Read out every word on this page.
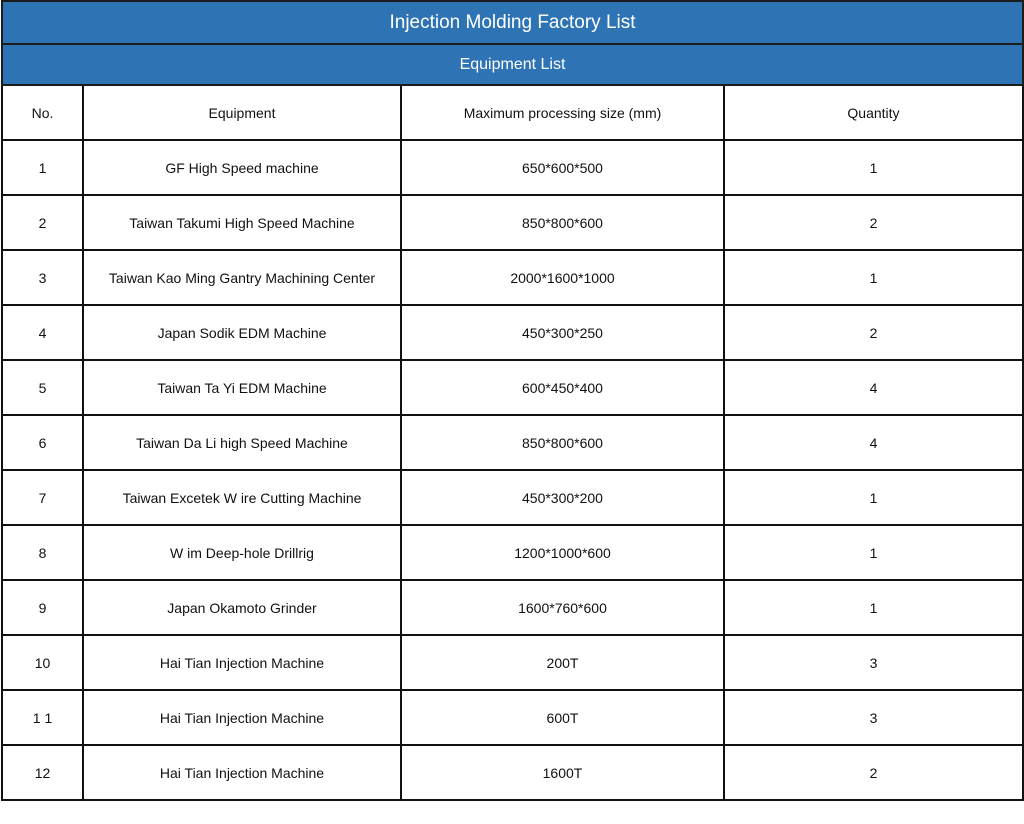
Injection Molding Factory List			
Equipment List			
No.	Equipment	Maximum processing size (mm)	Quantity
1	GF High Speed machine	650*600*500	1
2	Taiwan Takumi High Speed Machine	850*800*600	2
3	Taiwan Kao Ming Gantry Machining Center	2000*1600*1000	1
4	Japan Sodik EDM Machine	450*300*250	2
5	Taiwan Ta Yi EDM Machine	600*450*400	4
6	Taiwan Da Li high Speed Machine	850*800*600	4
7	Taiwan Excetek W ire Cutting Machine	450*300*200	1
8	W im Deep-hole Drillrig	1200*1000*600	1
9	Japan Okamoto Grinder	1600*760*600	1
10	Hai Tian Injection Machine	200T	3
1 1	Hai Tian Injection Machine	600T	3
12	Hai Tian Injection Machine	1600T	2
